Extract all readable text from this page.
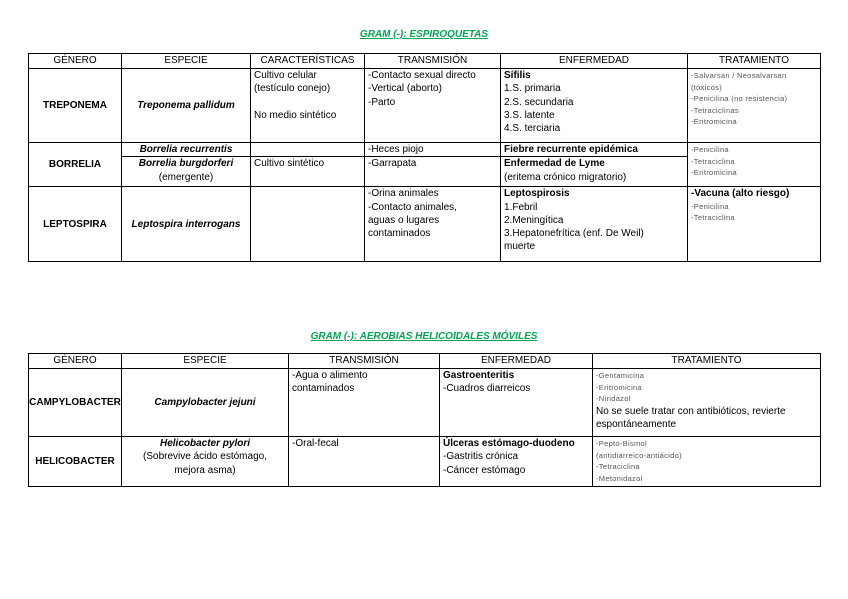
GRAM (-): ESPIROQUETAS
GÉNERO	ESPECIE	CARACTERÍSTICAS	TRANSMISIÓN	ENFERMEDAD	TRATAMIENTO
TREPONEMA	Treponema pallidum	Cultivo celular
(testículo conejo)

No medio sintético	-Contacto sexual directo
-Vertical (aborto)
-Parto	Sífilis
1.S. primaria
2.S. secundaria
3.S. latente
4.S. terciaria	-Salvarsan / Neosalvarsan
(tóxicos)
-Penicilina (no resistencia)
-Tetraciclinas
-Eritromicina

BORRELIA	Borrelia recurrentis		-Heces piojo	Fiebre recurrente epidémica	-Penicilina
-Tetraciclina
-Eritromicina

	Borrelia burgdorferi
(emergente)	Cultivo sintético	-Garrapata	Enfermedad de Lyme
(eritema crónico migratorio)	

LEPTOSPIRA	Leptospira interrogans		-Orina animales
-Contacto animales,
aguas o lugares
contaminados	Leptospirosis
1.Febril
2.Meningítica
3.Hepatonefrítica (enf. De Weil)
muerte	-Vacuna (alto riesgo)
-Penicilina
-Tetraciclina
GRAM (-): AEROBIAS HELICOIDALES MÓVILES
GÉNERO	ESPECIE	TRANSMISIÓN	ENFERMEDAD	TRATAMIENTO
CAMPYLOBACTER	Campylobacter jejuni	-Agua o alimento
contaminados	Gastroenteritis
-Cuadros diarreicos	-Gentamicina
-Eritromicina
-Niridazol
No se suele tratar con antibióticos, revierte
espontáneamente

HELICOBACTER	Helicobacter pylori
(Sobrevive ácido estómago,
mejora asma)	-Oral-fecal	Úlceras estómago-duodeno
-Gastritis crónica
-Cáncer estómago	-Pepto-Bismol
(antidiarreico-antiácido)
-Tetraciclina
-Metonidazol
